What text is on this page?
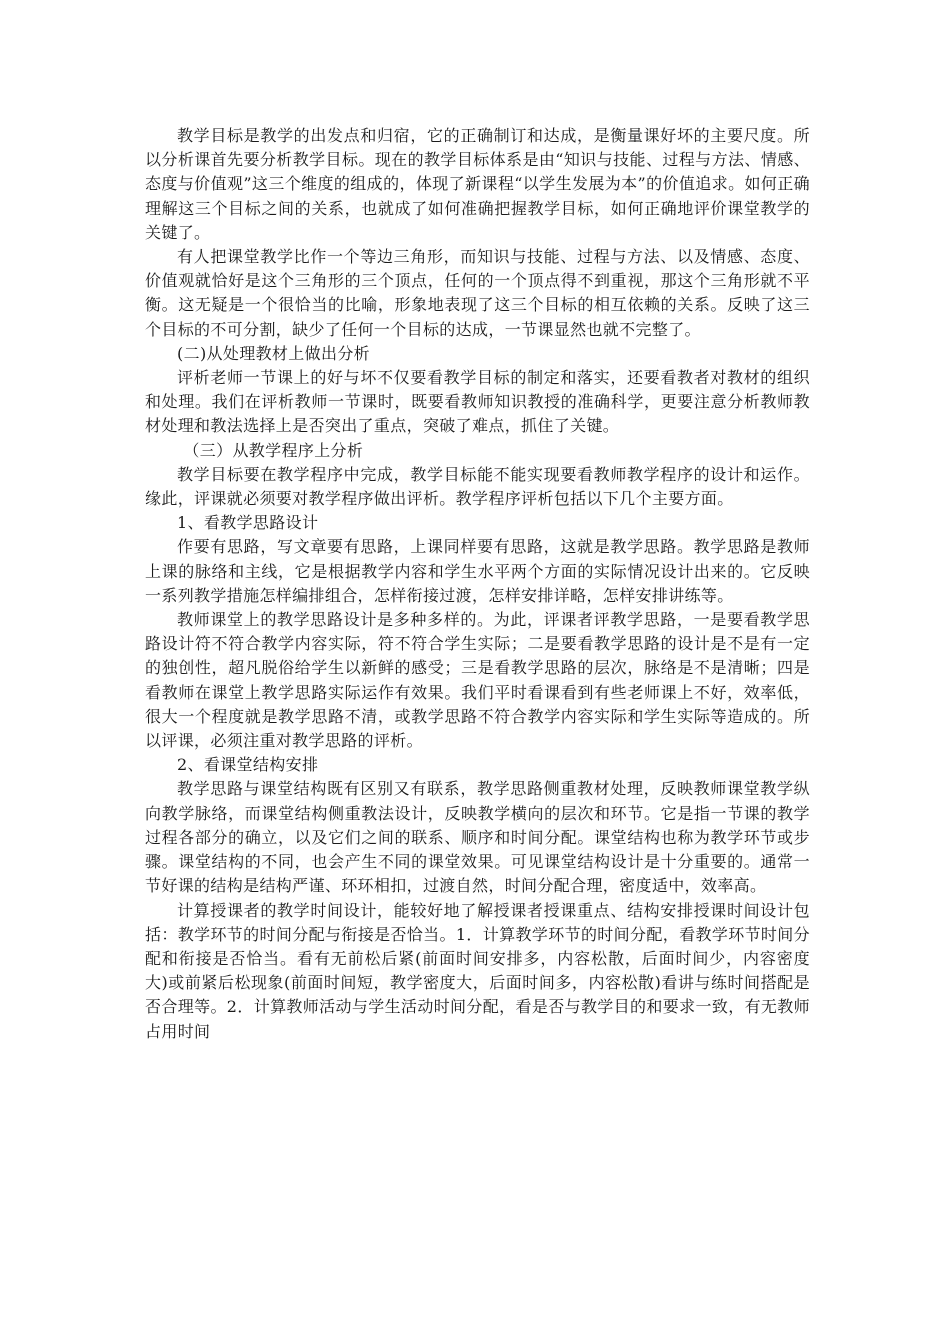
教学目标是教学的出发点和归宿，它的正确制订和达成，是衡量课好坏的主要尺度。所以分析课首先要分析教学目标。现在的教学目标体系是由“知识与技能、过程与方法、情感、态度与价值观”这三个维度的组成的，体现了新课程“以学生发展为本”的价值追求。如何正确理解这三个目标之间的关系，也就成了如何准确把握教学目标，如何正确地评价课堂教学的关键了。

有人把课堂教学比作一个等边三角形，而知识与技能、过程与方法、以及情感、态度、价值观就恰好是这个三角形的三个顶点，任何的一个顶点得不到重视，那这个三角形就不平衡。这无疑是一个很恰当的比喻，形象地表现了这三个目标的相互依赖的关系。反映了这三个目标的不可分割，缺少了任何一个目标的达成，一节课显然也就不完整了。

(二)从处理教材上做出分析

评析老师一节课上的好与坏不仅要看教学目标的制定和落实，还要看教者对教材的组织和处理。我们在评析教师一节课时，既要看教师知识教授的准确科学，更要注意分析教师教材处理和教法选择上是否突出了重点，突破了难点，抓住了关键。

（三）从教学程序上分析

教学目标要在教学程序中完成，教学目标能不能实现要看教师教学程序的设计和运作。缘此，评课就必须要对教学程序做出评析。教学程序评析包括以下几个主要方面。

1、看教学思路设计

作要有思路，写文章要有思路，上课同样要有思路，这就是教学思路。教学思路是教师上课的脉络和主线，它是根据教学内容和学生水平两个方面的实际情况设计出来的。它反映一系列教学措施怎样编排组合，怎样衔接过渡，怎样安排详略，怎样安排讲练等。

教师课堂上的教学思路设计是多种多样的。为此，评课者评教学思路，一是要看教学思路设计符不符合教学内容实际，符不符合学生实际；二是要看教学思路的设计是不是有一定的独创性，超凡脱俗给学生以新鲜的感受；三是看教学思路的层次，脉络是不是清晰；四是看教师在课堂上教学思路实际运作有效果。我们平时看课看到有些老师课上不好，效率低，很大一个程度就是教学思路不清，或教学思路不符合教学内容实际和学生实际等造成的。所以评课，必须注重对教学思路的评析。

2、看课堂结构安排

教学思路与课堂结构既有区别又有联系，教学思路侧重教材处理，反映教师课堂教学纵向教学脉络，而课堂结构侧重教法设计，反映教学横向的层次和环节。它是指一节课的教学过程各部分的确立，以及它们之间的联系、顺序和时间分配。课堂结构也称为教学环节或步骤。课堂结构的不同，也会产生不同的课堂效果。可见课堂结构设计是十分重要的。通常一节好课的结构是结构严谨、环环相扣，过渡自然，时间分配合理，密度适中，效率高。

计算授课者的教学时间设计，能较好地了解授课者授课重点、结构安排授课时间设计包括：教学环节的时间分配与衔接是否恰当。1．计算教学环节的时间分配，看教学环节时间分配和衔接是否恰当。看有无前松后紧(前面时间安排多，内容松散，后面时间少，内容密度大)或前紧后松现象(前面时间短，教学密度大，后面时间多，内容松散)看讲与练时间搭配是否合理等。2．计算教师活动与学生活动时间分配，看是否与教学目的和要求一致，有无教师占用时间
